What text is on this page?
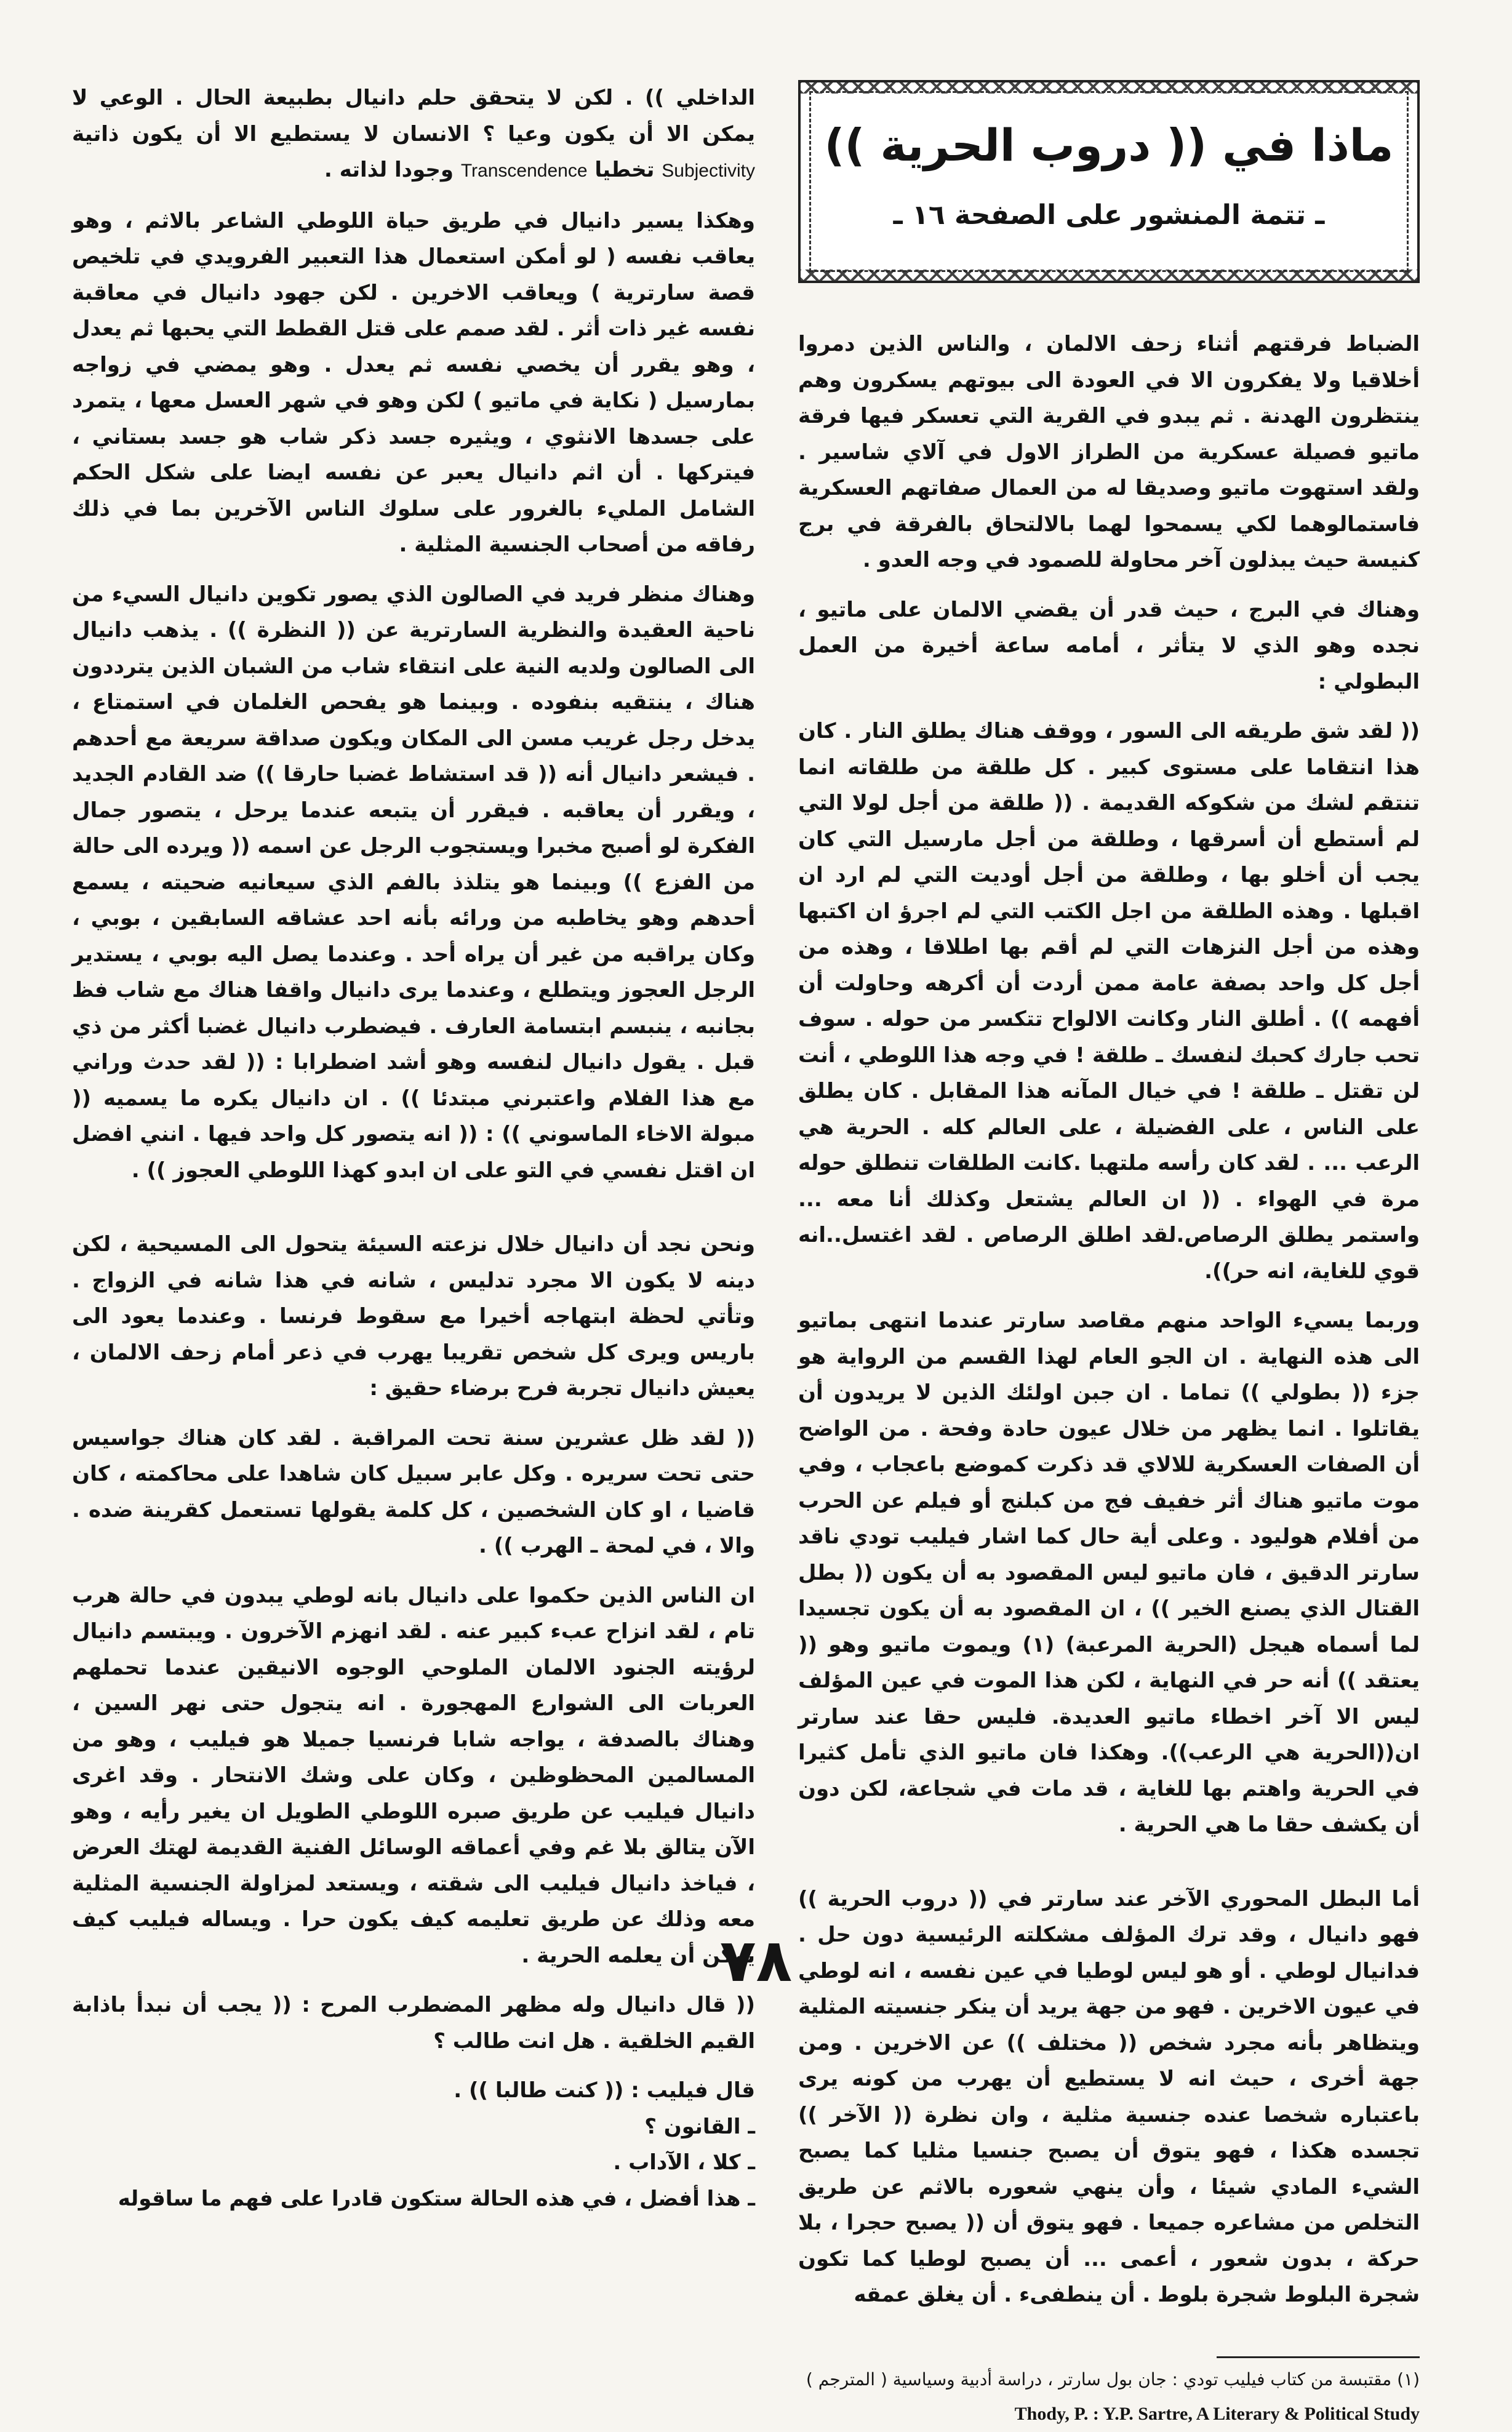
ماذا في (( دروب الحرية ))
ـ تتمة المنشور على الصفحة ١٦ ـ

الضباط فرقتهم أثناء زحف الالمان ، والناس الذين دمروا أخلاقيا ولا يفكرون الا في العودة الى بيوتهم يسكرون وهم ينتظرون الهدنة . ثم يبدو في القرية التي تعسكر فيها فرقة ماتيو فصيلة عسكرية من الطراز الاول في آلاي شاسير . ولقد استهوت ماتيو وصديقا له من العمال صفاتهم العسكرية فاستمالوهما لكي يسمحوا لهما بالالتحاق بالفرقة في برج كنيسة حيث يبذلون آخر محاولة للصمود في وجه العدو .

وهناك في البرج ، حيث قدر أن يقضي الالمان على ماتيو ، نجده وهو الذي لا يتأثر ، أمامه ساعة أخيرة من العمل البطولي :

(( لقد شق طريقه الى السور ، ووقف هناك يطلق النار . كان هذا انتقاما على مستوى كبير . كل طلقة من طلقاته انما تنتقم لشك من شكوكه القديمة . (( طلقة من أجل لولا التي لم أستطع أن أسرقها ، وطلقة من أجل مارسيل التي كان يجب أن أخلو بها ، وطلقة من أجل أوديت التي لم ارد ان اقبلها . وهذه الطلقة من اجل الكتب التي لم اجرؤ ان اكتبها وهذه من أجل النزهات التي لم أقم بها اطلاقا ، وهذه من أجل كل واحد بصفة عامة ممن أردت أن أكرهه وحاولت أن أفهمه )) . أطلق النار وكانت الالواح تتكسر من حوله . سوف تحب جارك كحبك لنفسك ـ طلقة ! في وجه هذا اللوطي ، أنت لن تقتل ـ طلقة ! في خيال المآنه هذا المقابل . كان يطلق على الناس ، على الفضيلة ، على العالم كله . الحرية هي الرعب ... . لقد كان رأسه ملتهبا .كانت الطلقات تنطلق حوله مرة في الهواء . (( ان العالم يشتعل وكذلك أنا معه ... واستمر يطلق الرصاص.لقد اطلق الرصاص . لقد اغتسل..انه قوي للغاية، انه حر)).

وربما يسيء الواحد منهم مقاصد سارتر عندما انتهى بماتيو الى هذه النهاية . ان الجو العام لهذا القسم من الرواية هو جزء (( بطولي )) تماما . ان جبن اولئك الذين لا يريدون أن يقاتلوا . انما يظهر من خلال عيون حادة وفحة . من الواضح أن الصفات العسكرية للالاي قد ذكرت كموضع باعجاب ، وفي موت ماتيو هناك أثر خفيف فج من كبلنج أو فيلم عن الحرب من أفلام هوليود . وعلى أية حال كما اشار فيليب تودي ناقد سارتر الدقيق ، فان ماتيو ليس المقصود به أن يكون (( بطل القتال الذي يصنع الخير )) ، ان المقصود به أن يكون تجسيدا لما أسماه هيجل (الحرية المرعبة) (١) ويموت ماتيو وهو (( يعتقد )) أنه حر في النهاية ، لكن هذا الموت في عين المؤلف ليس الا آخر اخطاء ماتيو العديدة. فليس حقا عند سارتر ان((الحرية هي الرعب)). وهكذا فان ماتيو الذي تأمل كثيرا في الحرية واهتم بها للغاية ، قد مات في شجاعة، لكن دون أن يكشف حقا ما هي الحرية .

أما البطل المحوري الآخر عند سارتر في (( دروب الحرية )) فهو دانيال ، وقد ترك المؤلف مشكلته الرئيسية دون حل . فدانيال لوطي . أو هو ليس لوطيا في عين نفسه ، انه لوطي في عيون الاخرين . فهو من جهة يريد أن ينكر جنسيته المثلية ويتظاهر بأنه مجرد شخص (( مختلف )) عن الاخرين . ومن جهة أخرى ، حيث انه لا يستطيع أن يهرب من كونه يرى باعتباره شخصا عنده جنسية مثلية ، وان نظرة (( الآخر )) تجسده هكذا ، فهو يتوق أن يصبح جنسيا مثليا كما يصبح الشيء المادي شيئا ، وأن ينهي شعوره بالاثم عن طريق التخلص من مشاعره جميعا . فهو يتوق أن (( يصبح حجرا ، بلا حركة ، بدون شعور ، أعمى ... أن يصبح لوطيا كما تكون شجرة البلوط شجرة بلوط . أن ينطفىء . أن يغلق عمقه

(١) مقتبسة من كتاب فيليب تودي : جان بول سارتر ، دراسة أدبية وسياسية ( المترجم )

Thody, P. : Y.P. Sartre, A Literary & Political Study

الداخلي )) . لكن لا يتحقق حلم دانيال بطبيعة الحال . الوعي لا يمكن الا أن يكون وعيا ؟ الانسان لا يستطيع الا أن يكون ذاتية Subjectivity تخطيا Transcendence وجودا لذاته .

وهكذا يسير دانيال في طريق حياة اللوطي الشاعر بالاثم ، وهو يعاقب نفسه ( لو أمكن استعمال هذا التعبير الفرويدي في تلخيص قصة سارترية ) ويعاقب الاخرين . لكن جهود دانيال في معاقبة نفسه غير ذات أثر . لقد صمم على قتل القطط التي يحبها ثم يعدل ، وهو يقرر أن يخصي نفسه ثم يعدل . وهو يمضي في زواجه بمارسيل ( نكاية في ماتيو ) لكن وهو في شهر العسل معها ، يتمرد على جسدها الانثوي ، ويثيره جسد ذكر شاب هو جسد بستاني ، فيتركها . أن اثم دانيال يعبر عن نفسه ايضا على شكل الحكم الشامل المليء بالغرور على سلوك الناس الآخرين بما في ذلك رفاقه من أصحاب الجنسية المثلية .

وهناك منظر فريد في الصالون الذي يصور تكوين دانيال السيء من ناحية العقيدة والنظرية السارترية عن (( النظرة )) . يذهب دانيال الى الصالون ولديه النية على انتقاء شاب من الشبان الذين يترددون هناك ، ينتقيه بنفوده . وبينما هو يفحص الغلمان في استمتاع ، يدخل رجل غريب مسن الى المكان ويكون صداقة سريعة مع أحدهم . فيشعر دانيال أنه (( قد استشاط غضبا حارقا )) ضد القادم الجديد ، ويقرر أن يعاقبه . فيقرر أن يتبعه عندما يرحل ، يتصور جمال الفكرة لو أصبح مخبرا ويستجوب الرجل عن اسمه (( ويرده الى حالة من الفزع )) وبينما هو يتلذذ بالفم الذي سيعانيه ضحيته ، يسمع أحدهم وهو يخاطبه من ورائه بأنه احد عشاقه السابقين ، بوبي ، وكان يراقبه من غير أن يراه أحد . وعندما يصل اليه بوبي ، يستدير الرجل العجوز ويتطلع ، وعندما يرى دانيال واقفا هناك مع شاب فظ بجانبه ، ينبسم ابتسامة العارف . فيضطرب دانيال غضبا أكثر من ذي قبل . يقول دانيال لنفسه وهو أشد اضطرابا : (( لقد حدث وراني مع هذا الفلام واعتبرني مبتدئا )) . ان دانيال يكره ما يسميه (( مبولة الاخاء الماسوني )) : (( انه يتصور كل واحد فيها . انني افضل ان اقتل نفسي في التو على ان ابدو كهذا اللوطي العجوز )) .

ونحن نجد أن دانيال خلال نزعته السيئة يتحول الى المسيحية ، لكن دينه لا يكون الا مجرد تدليس ، شانه في هذا شانه في الزواج . وتأتي لحظة ابتهاجه أخيرا مع سقوط فرنسا . وعندما يعود الى باريس ويرى كل شخص تقريبا يهرب في ذعر أمام زحف الالمان ، يعيش دانيال تجربة فرح برضاء حقيق :

(( لقد ظل عشرين سنة تحت المراقبة . لقد كان هناك جواسيس حتى تحت سريره . وكل عابر سبيل كان شاهدا على محاكمته ، كان قاضيا ، او كان الشخصين ، كل كلمة يقولها تستعمل كقرينة ضده . والا ، في لمحة ـ الهرب )) .

ان الناس الذين حكموا على دانيال بانه لوطي يبدون في حالة هرب تام ، لقد انزاح عبء كبير عنه . لقد انهزم الآخرون . ويبتسم دانيال لرؤيته الجنود الالمان الملوحي الوجوه الانيقين عندما تحملهم العربات الى الشوارع المهجورة . انه يتجول حتى نهر السين ، وهناك بالصدفة ، يواجه شابا فرنسيا جميلا هو فيليب ، وهو من المسالمين المحظوظين ، وكان على وشك الانتحار . وقد اغرى دانيال فيليب عن طريق صبره اللوطي الطويل ان يغير رأيه ، وهو الآن يتالق بلا غم وفي أعماقه الوسائل الفنية القديمة لهتك العرض ، فياخذ دانيال فيليب الى شقته ، ويستعد لمزاولة الجنسية المثلية معه وذلك عن طريق تعليمه كيف يكون حرا . ويساله فيليب كيف يمكن أن يعلمه الحرية .

(( قال دانيال وله مظهر المضطرب المرح : (( يجب أن نبدأ باذابة القيم الخلقية . هل انت طالب ؟

قال فيليب : (( كنت طالبا )) .

ـ القانون ؟

ـ كلا ، الآداب .

ـ هذا أفضل ، في هذه الحالة ستكون قادرا على فهم ما ساقوله

٧٨
